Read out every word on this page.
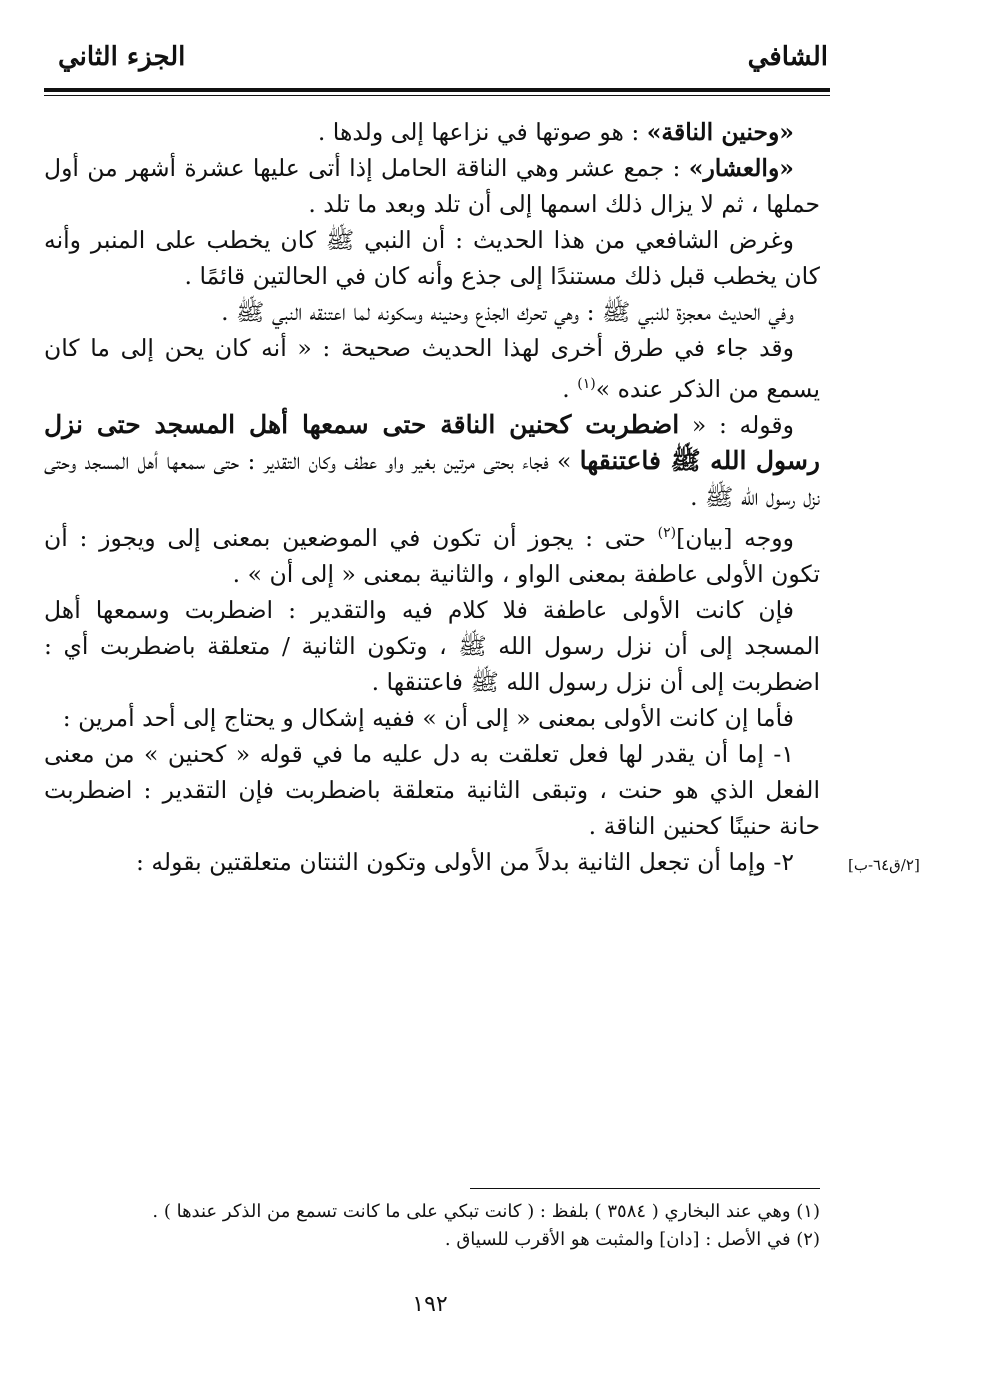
الشافي
الجزء الثاني

«وحنين الناقة» : هو صوتها في نزاعها إلى ولدها .

«والعشار» : جمع عشر وهي الناقة الحامل إذا أتى عليها عشرة أشهر من أول حملها ، ثم لا يزال ذلك اسمها إلى أن تلد وبعد ما تلد .

وغرض الشافعي من هذا الحديث : أن النبي ﷺ كان يخطب على المنبر وأنه كان يخطب قبل ذلك مستندًا إلى جذع وأنه كان في الحالتين قائمًا .

وفي الحديث معجزة للنبي ﷺ : وهي تحرك الجذع وحنينه وسكونه لما اعتنقه النبي ﷺ .

وقد جاء في طرق أخرى لهذا الحديث صحيحة : « أنه كان يحن إلى ما كان يسمع من الذكر عنده »$^{(١)}$ .

وقوله : « اضطربت كحنين الناقة حتى سمعها أهل المسجد حتى نزل رسول الله ﷺ فاعتنقها » فجاء بحتى مرتين بغير واو عطف وكان التقدير : حتى سمعها أهل المسجد وحتى نزل رسول الله ﷺ .

ووجه [بيان]$^{(٢)}$ حتى : يجوز أن تكون في الموضعين بمعنى إلى ويجوز : أن تكون الأولى عاطفة بمعنى الواو ، والثانية بمعنى « إلى أن » .

فإن كانت الأولى عاطفة فلا كلام فيه والتقدير : اضطربت وسمعها أهل المسجد إلى أن نزل رسول الله ﷺ ، وتكون الثانية / متعلقة باضطربت أي : اضطربت إلى أن نزل رسول الله ﷺ فاعتنقها .

فأما إن كانت الأولى بمعنى « إلى أن » ففيه إشكال و يحتاج إلى أحد أمرين :

١- إما أن يقدر لها فعل تعلقت به دل عليه ما في قوله « كحنين » من معنى الفعل الذي هو حنت ، وتبقى الثانية متعلقة باضطربت فإن التقدير : اضطربت حانة حنينًا كحنين الناقة .

٢- وإما أن تجعل الثانية بدلاً من الأولى وتكون الثنتان متعلقتين بقوله :	[٢/ق٦٤-ب]

(١) وهي عند البخاري ( ٣٥٨٤ ) بلفظ : ( كانت تبكي على ما كانت تسمع من الذكر عندها ) .

(٢) في الأصل : [دان] والمثبت هو الأقرب للسياق .

١٩٢
